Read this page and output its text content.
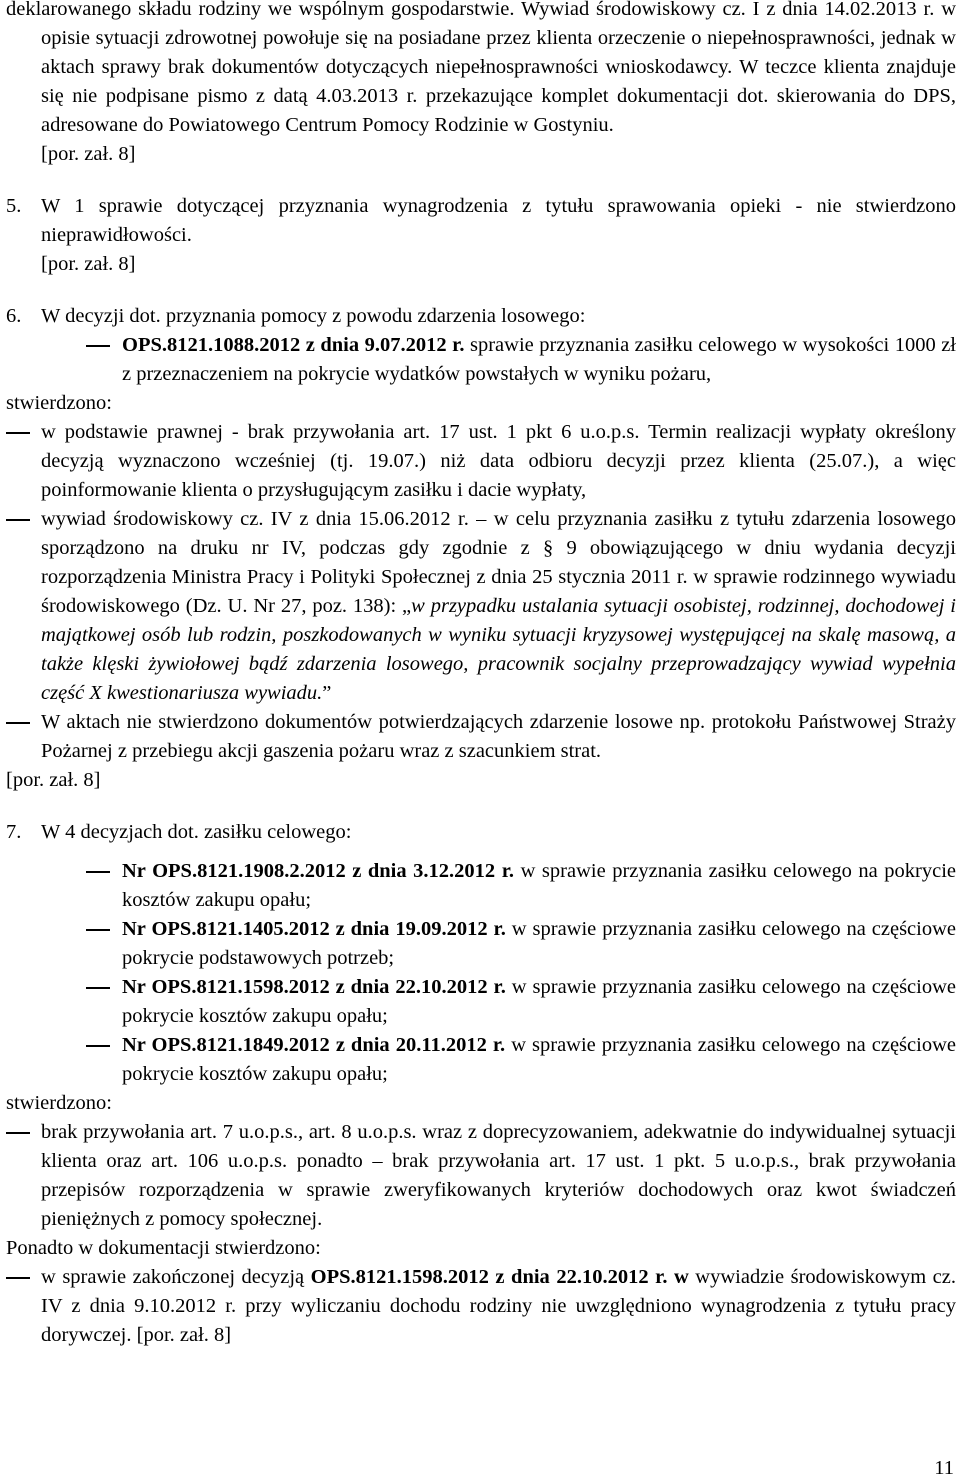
deklarowanego składu rodziny we wspólnym gospodarstwie. Wywiad środowiskowy cz. I z dnia 14.02.2013 r. w opisie sytuacji zdrowotnej powołuje się na posiadane przez klienta orzeczenie o niepełnosprawności, jednak w aktach sprawy brak dokumentów dotyczących niepełnosprawności wnioskodawcy. W teczce klienta znajduje się nie podpisane pismo z datą 4.03.2013 r. przekazujące komplet dokumentacji dot. skierowania do DPS, adresowane do Powiatowego Centrum Pomocy Rodzinie w Gostyniu.

[por. zał. 8]

5. W 1 sprawie dotyczącej przyznania wynagrodzenia z tytułu sprawowania opieki - nie stwierdzono nieprawidłowości.

[por. zał. 8]

6. W decyzji dot. przyznania pomocy z powodu zdarzenia losowego:

OPS.8121.1088.2012 z dnia 9.07.2012 r. sprawie przyznania zasiłku celowego w wysokości 1000 zł z przeznaczeniem na pokrycie wydatków powstałych w wyniku pożaru,

stwierdzono:

w podstawie prawnej - brak przywołania art. 17 ust. 1 pkt 6 u.o.p.s. Termin realizacji wypłaty określony decyzją wyznaczono wcześniej (tj. 19.07.) niż data odbioru decyzji przez klienta (25.07.), a więc poinformowanie klienta o przysługującym zasiłku i dacie wypłaty,

wywiad środowiskowy cz. IV z dnia 15.06.2012 r. – w celu przyznania zasiłku z tytułu zdarzenia losowego sporządzono na druku nr IV, podczas gdy zgodnie z § 9 obowiązującego w dniu wydania decyzji rozporządzenia Ministra Pracy i Polityki Społecznej z dnia 25 stycznia 2011 r. w sprawie rodzinnego wywiadu środowiskowego (Dz. U. Nr 27, poz. 138): „w przypadku ustalania sytuacji osobistej, rodzinnej, dochodowej i majątkowej osób lub rodzin, poszkodowanych w wyniku sytuacji kryzysowej występującej na skalę masową, a także klęski żywiołowej bądź zdarzenia losowego, pracownik socjalny przeprowadzający wywiad wypełnia część X kwestionariusza wywiadu.”

W aktach nie stwierdzono dokumentów potwierdzających zdarzenie losowe np. protokołu Państwowej Straży Pożarnej z przebiegu akcji gaszenia pożaru wraz z szacunkiem strat.

[por. zał. 8]

7. W 4 decyzjach dot. zasiłku celowego:

Nr OPS.8121.1908.2.2012 z dnia 3.12.2012 r. w sprawie przyznania zasiłku celowego na pokrycie kosztów zakupu opału;

Nr OPS.8121.1405.2012 z dnia 19.09.2012 r. w sprawie przyznania zasiłku celowego na częściowe pokrycie podstawowych potrzeb;

Nr OPS.8121.1598.2012 z dnia 22.10.2012 r. w sprawie przyznania zasiłku celowego na częściowe pokrycie kosztów zakupu opału;

Nr OPS.8121.1849.2012 z dnia 20.11.2012 r. w sprawie przyznania zasiłku celowego na częściowe pokrycie kosztów zakupu opału;

stwierdzono:

brak przywołania art. 7 u.o.p.s., art. 8 u.o.p.s. wraz z doprecyzowaniem, adekwatnie do indywidualnej sytuacji klienta oraz art. 106 u.o.p.s. ponadto – brak przywołania art. 17 ust. 1 pkt. 5 u.o.p.s., brak przywołania przepisów rozporządzenia w sprawie zweryfikowanych kryteriów dochodowych oraz kwot świadczeń pieniężnych z pomocy społecznej.

Ponadto w dokumentacji stwierdzono:

w sprawie zakończonej decyzją OPS.8121.1598.2012 z dnia 22.10.2012 r. w wywiadzie środowiskowym cz. IV z dnia 9.10.2012 r. przy wyliczaniu dochodu rodziny nie uwzględniono wynagrodzenia z tytułu pracy dorywczej. [por. zał. 8]

11
